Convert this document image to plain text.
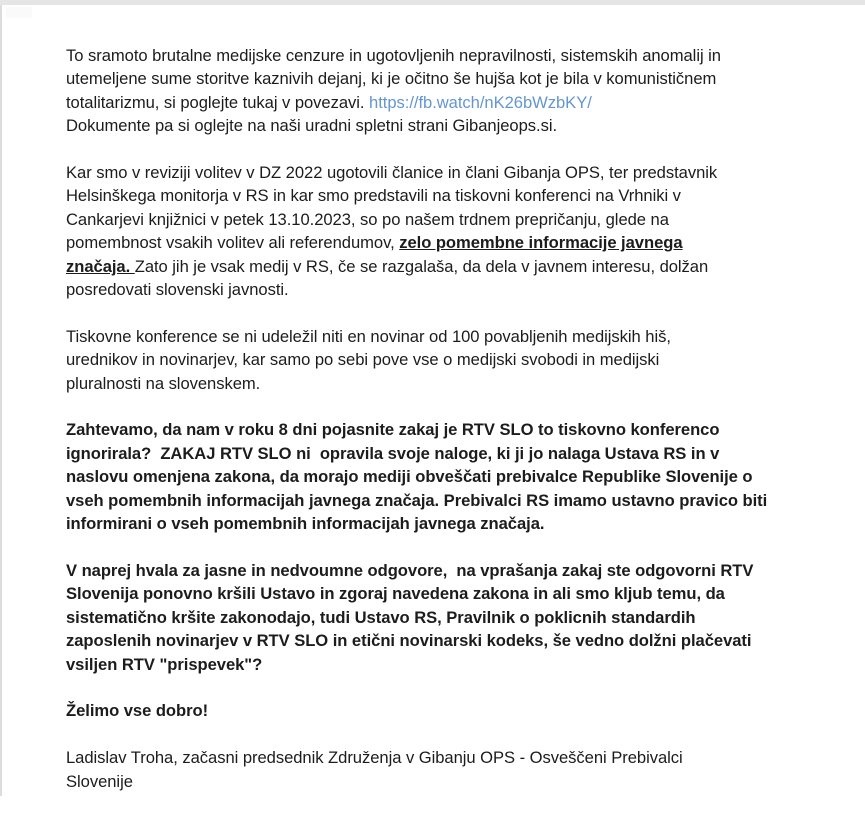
To sramoto brutalne medijske cenzure in ugotovljenih nepravilnosti, sistemskih anomalij in
utemeljene sume storitve kaznivih dejanj, ki je očitno še hujša kot je bila v komunističnem
totalitarizmu, si poglejte tukaj v povezavi. https://fb.watch/nK26bWzbKY/
Dokumente pa si oglejte na naši uradni spletni strani Gibanjeops.si.

Kar smo v reviziji volitev v DZ 2022 ugotovili članice in člani Gibanja OPS, ter predstavnik
Helsinškega monitorja v RS in kar smo predstavili na tiskovni konferenci na Vrhniki v
Cankarjevi knjižnici v petek 13.10.2023, so po našem trdnem prepričanju, glede na
pomembnost vsakih volitev ali referendumov, zelo pomembne informacije javnega
značaja. Zato jih je vsak medij v RS, če se razgalaša, da dela v javnem interesu, dolžan
posredovati slovenski javnosti.

Tiskovne konference se ni udeležil niti en novinar od 100 povabljenih medijskih hiš,
urednikov in novinarjev, kar samo po sebi pove vse o medijski svobodi in medijski
pluralnosti na slovenskem.

Zahtevamo, da nam v roku 8 dni pojasnite zakaj je RTV SLO to tiskovno konferenco
ignorirala?  ZAKAJ RTV SLO ni  opravila svoje naloge, ki ji jo nalaga Ustava RS in v
naslovu omenjena zakona, da morajo mediji obveščati prebivalce Republike Slovenije o
vseh pomembnih informacijah javnega značaja. Prebivalci RS imamo ustavno pravico biti
informirani o vseh pomembnih informacijah javnega značaja.

V naprej hvala za jasne in nedvoumne odgovore,  na vprašanja zakaj ste odgovorni RTV
Slovenija ponovno kršili Ustavo in zgoraj navedena zakona in ali smo kljub temu, da
sistematično kršite zakonodajo, tudi Ustavo RS, Pravilnik o poklicnih standardih
zaposlenih novinarjev v RTV SLO in etični novinarski kodeks, še vedno dolžni plačevati
vsiljen RTV "prispevek"?

Želimo vse dobro!

Ladislav Troha, začasni predsednik Združenja v Gibanju OPS - Osveščeni Prebivalci
Slovenije
